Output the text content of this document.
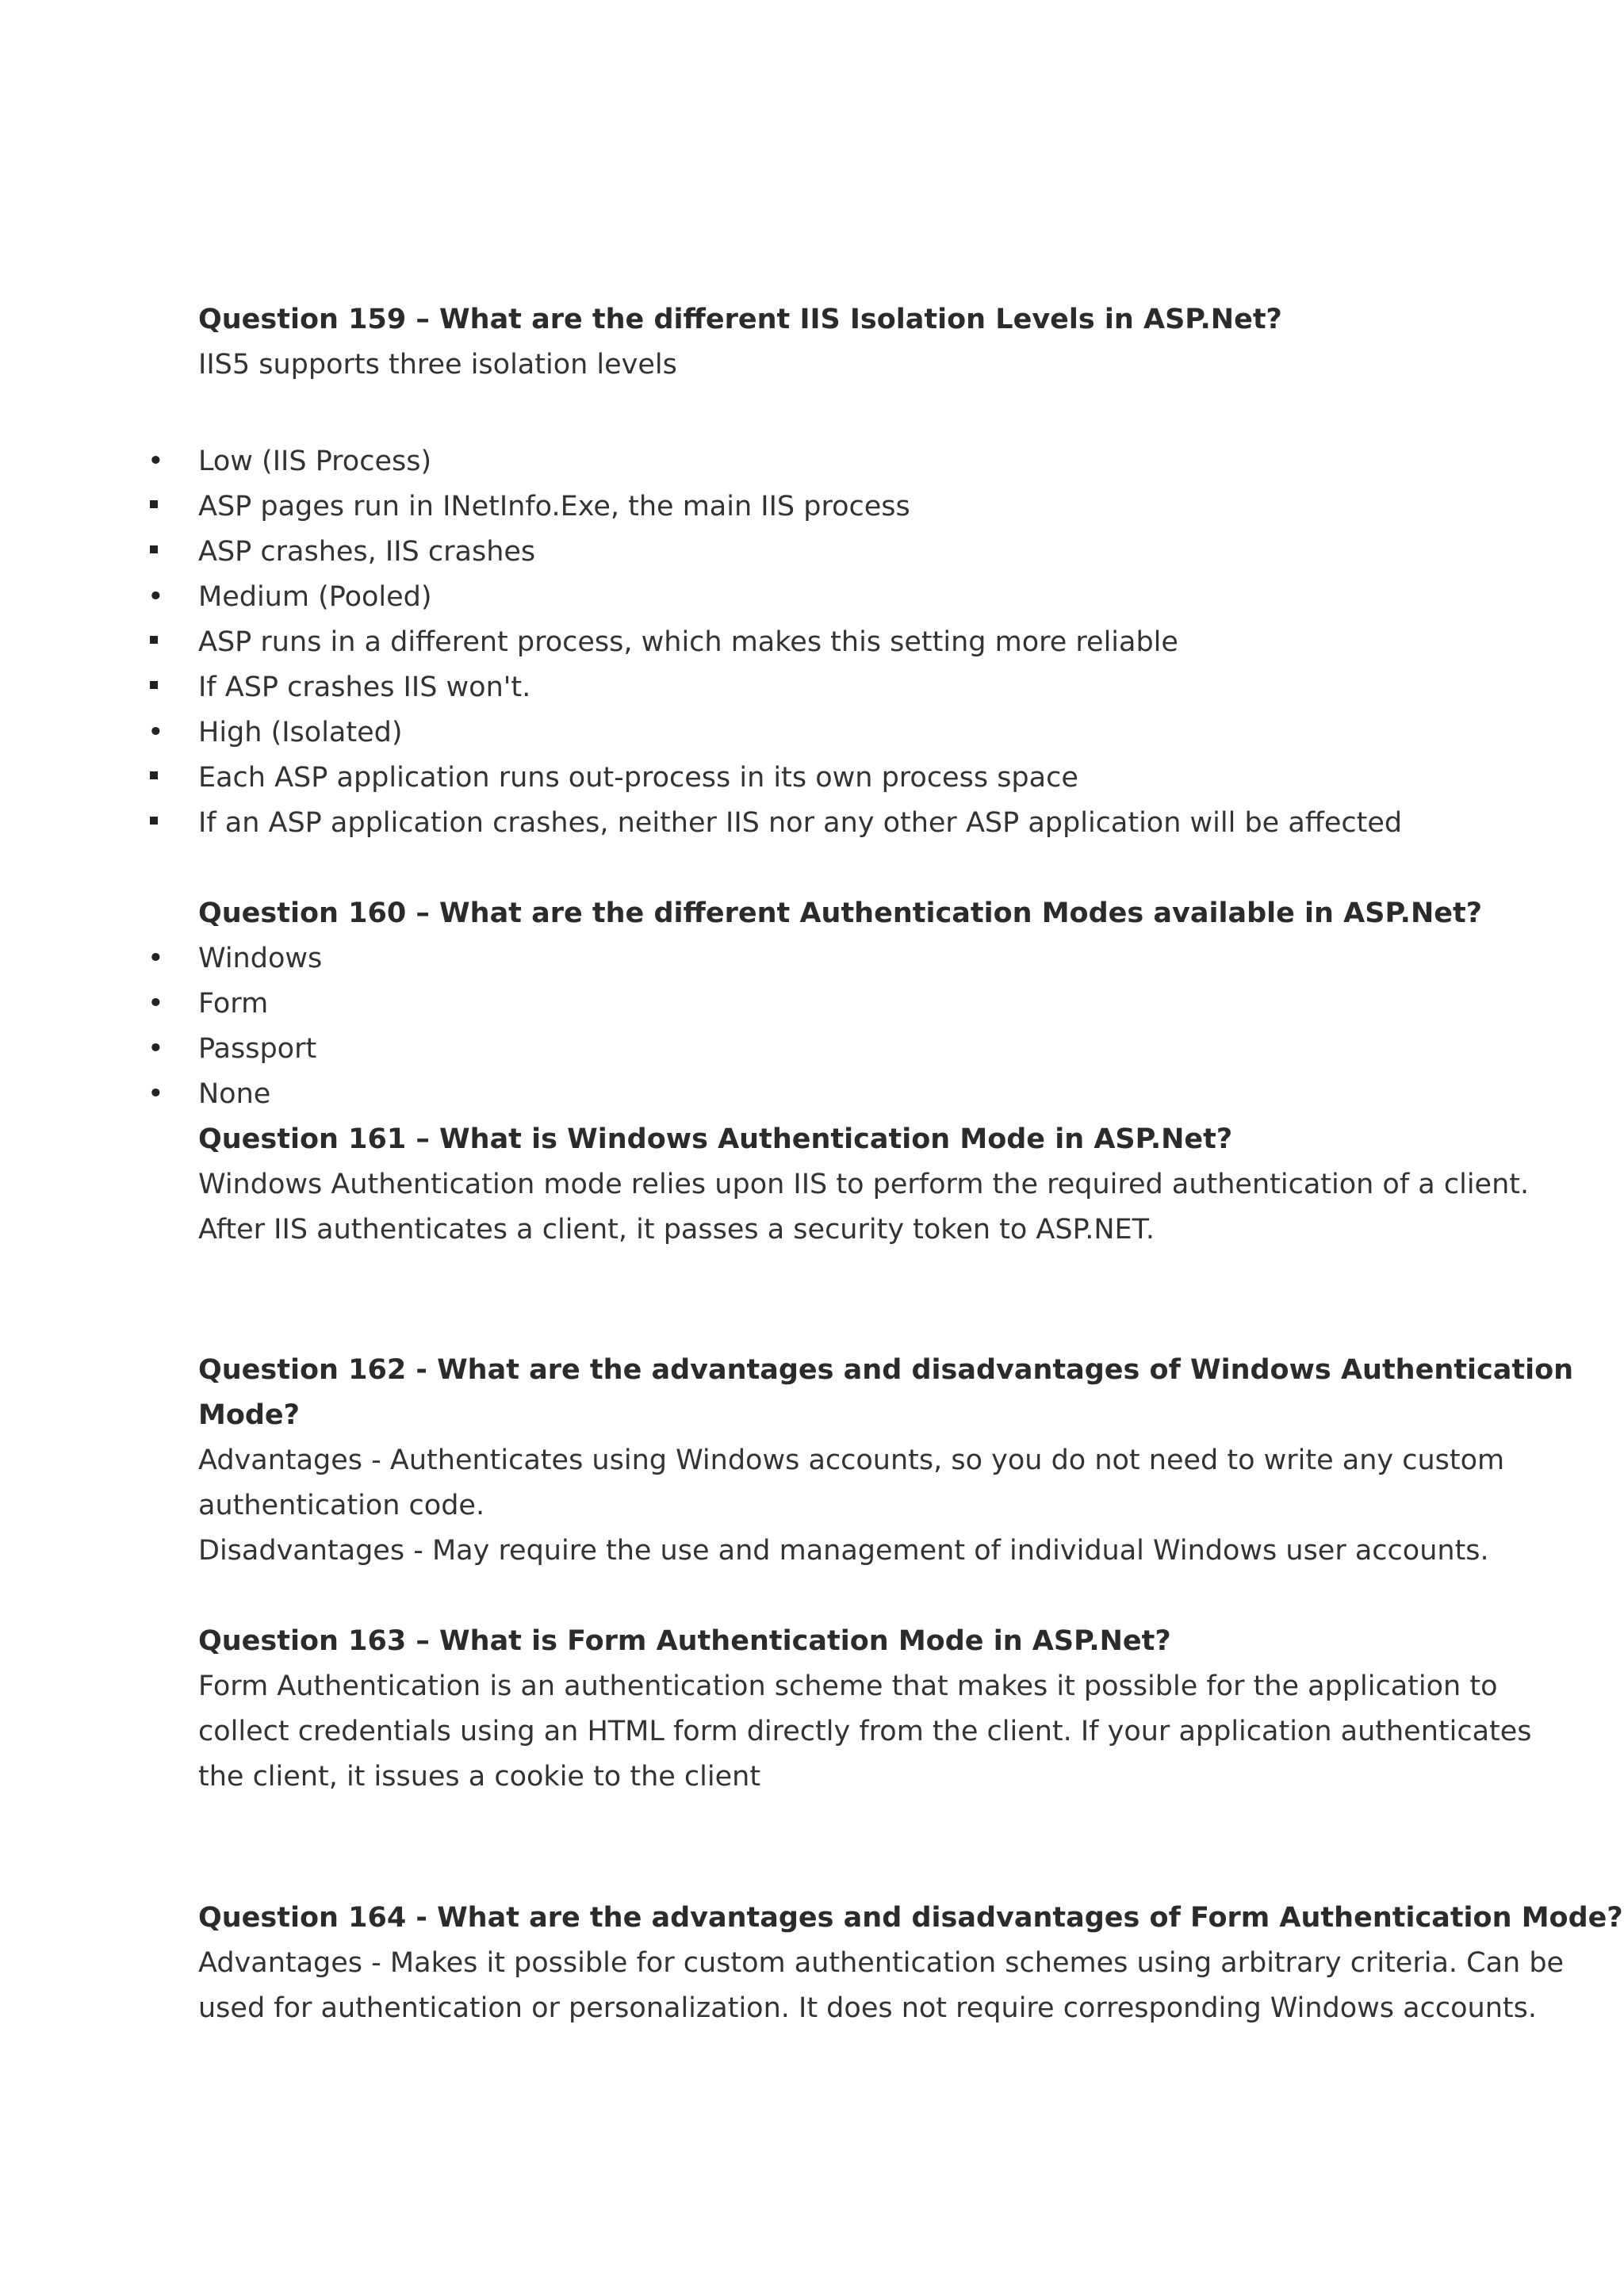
Question 159 – What are the different IIS Isolation Levels in ASP.Net?
IIS5 supports three isolation levels
• Low (IIS Process)
ASP pages run in INetInfo.Exe, the main IIS process
ASP crashes, IIS crashes
• Medium (Pooled)
ASP runs in a different process, which makes this setting more reliable
If ASP crashes IIS won't.
• High (Isolated)
Each ASP application runs out-process in its own process space
If an ASP application crashes, neither IIS nor any other ASP application will be affected
Question 160 – What are the different Authentication Modes available in ASP.Net?
• Windows
• Form
• Passport
• None
Question 161 – What is Windows Authentication Mode in ASP.Net?
Windows Authentication mode relies upon IIS to perform the required authentication of a client.
After IIS authenticates a client, it passes a security token to ASP.NET.
Question 162 - What are the advantages and disadvantages of Windows Authentication
Mode?
Advantages - Authenticates using Windows accounts, so you do not need to write any custom
authentication code.
Disadvantages - May require the use and management of individual Windows user accounts.
Question 163 – What is Form Authentication Mode in ASP.Net?
Form Authentication is an authentication scheme that makes it possible for the application to
collect credentials using an HTML form directly from the client. If your application authenticates
the client, it issues a cookie to the client
Question 164 - What are the advantages and disadvantages of Form Authentication Mode?
Advantages - Makes it possible for custom authentication schemes using arbitrary criteria. Can be
used for authentication or personalization. It does not require corresponding Windows accounts.
